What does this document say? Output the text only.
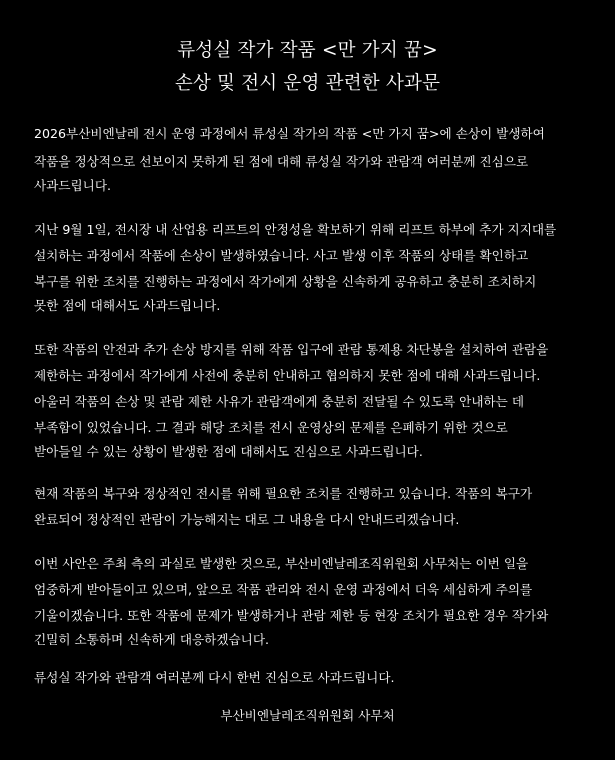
류성실 작가 작품 <만 가지 꿈>
손상 및 전시 운영 관련한 사과문

2026부산비엔날레 전시 운영 과정에서 류성실 작가의 작품 <만 가지 꿈>에 손상이 발생하여

작품을 정상적으로 선보이지 못하게 된 점에 대해 류성실 작가와 관람객 여러분께 진심으로

사과드립니다.

지난 9월 1일, 전시장 내 산업용 리프트의 안정성을 확보하기 위해 리프트 하부에 추가 지지대를

설치하는 과정에서 작품에 손상이 발생하였습니다. 사고 발생 이후 작품의 상태를 확인하고

복구를 위한 조치를 진행하는 과정에서 작가에게 상황을 신속하게 공유하고 충분히 조치하지

못한 점에 대해서도 사과드립니다.

또한 작품의 안전과 추가 손상 방지를 위해 작품 입구에 관람 통제용 차단봉을 설치하여 관람을

제한하는 과정에서 작가에게 사전에 충분히 안내하고 협의하지 못한 점에 대해 사과드립니다.

아울러 작품의 손상 및 관람 제한 사유가 관람객에게 충분히 전달될 수 있도록 안내하는 데

부족함이 있었습니다. 그 결과 해당 조치를 전시 운영상의 문제를 은폐하기 위한 것으로

받아들일 수 있는 상황이 발생한 점에 대해서도 진심으로 사과드립니다.

현재 작품의 복구와 정상적인 전시를 위해 필요한 조치를 진행하고 있습니다. 작품의 복구가

완료되어 정상적인 관람이 가능해지는 대로 그 내용을 다시 안내드리겠습니다.

이번 사안은 주최 측의 과실로 발생한 것으로, 부산비엔날레조직위원회 사무처는 이번 일을

엄중하게 받아들이고 있으며, 앞으로 작품 관리와 전시 운영 과정에서 더욱 세심하게 주의를

기울이겠습니다. 또한 작품에 문제가 발생하거나 관람 제한 등 현장 조치가 필요한 경우 작가와

긴밀히 소통하며 신속하게 대응하겠습니다.

류성실 작가와 관람객 여러분께 다시 한번 진심으로 사과드립니다.

부산비엔날레조직위원회 사무처
